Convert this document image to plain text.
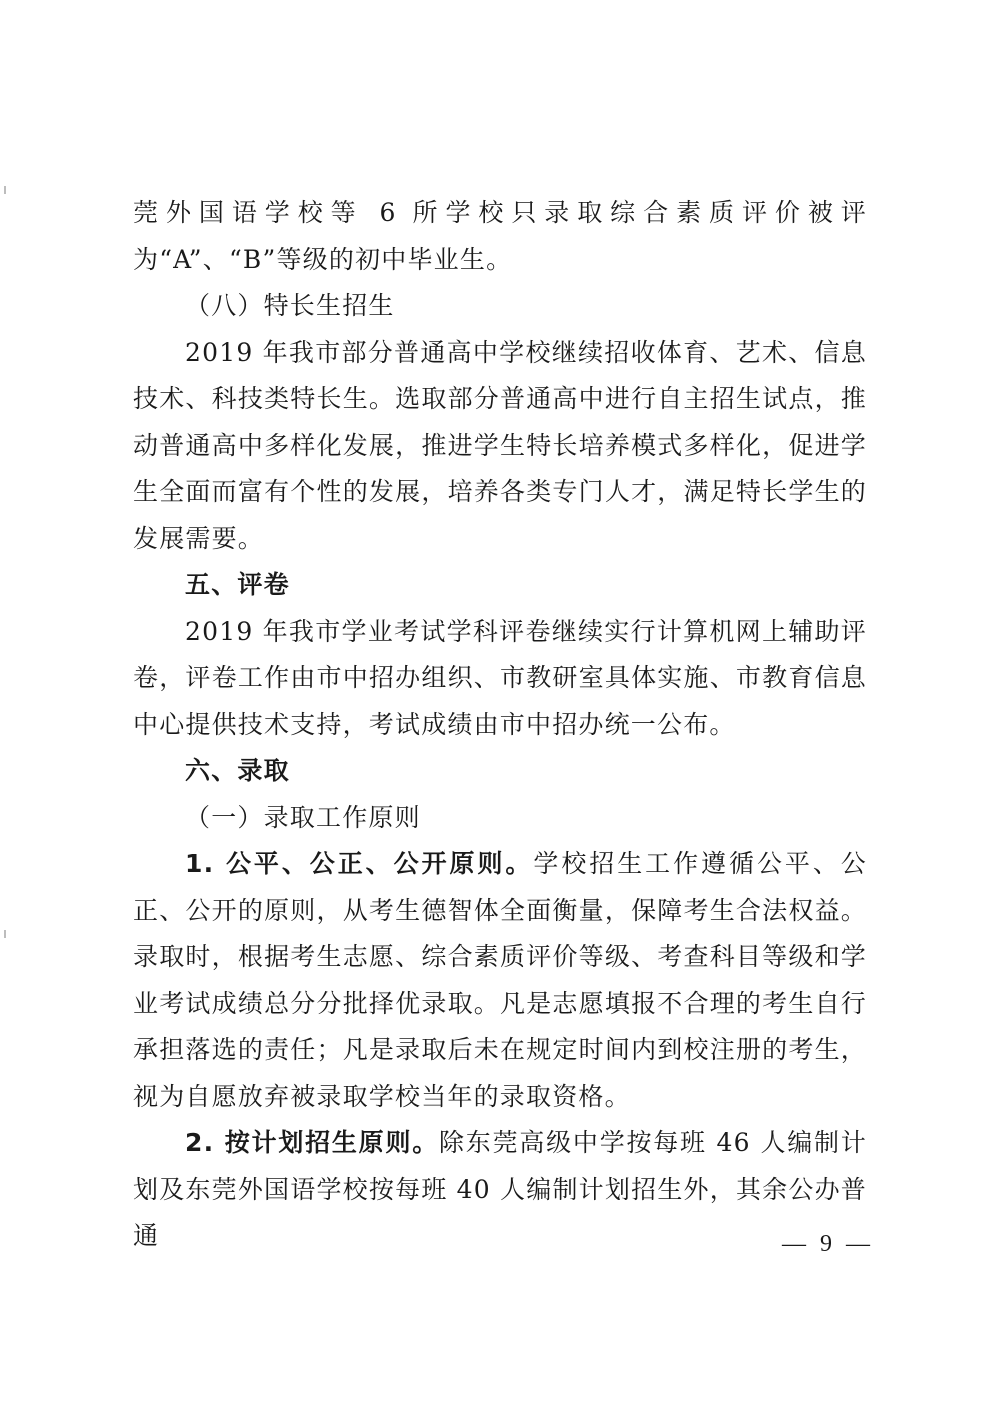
莞外国语学校等 6 所学校只录取综合素质评价被评为“A”、“B”等级的初中毕业生。

（八）特长生招生

2019 年我市部分普通高中学校继续招收体育、艺术、信息技术、科技类特长生。选取部分普通高中进行自主招生试点，推动普通高中多样化发展，推进学生特长培养模式多样化，促进学生全面而富有个性的发展，培养各类专门人才，满足特长学生的发展需要。

五、评卷

2019 年我市学业考试学科评卷继续实行计算机网上辅助评卷，评卷工作由市中招办组织、市教研室具体实施、市教育信息中心提供技术支持，考试成绩由市中招办统一公布。

六、录取

（一）录取工作原则

1. 公平、公正、公开原则。学校招生工作遵循公平、公正、公开的原则，从考生德智体全面衡量，保障考生合法权益。录取时，根据考生志愿、综合素质评价等级、考查科目等级和学业考试成绩总分分批择优录取。凡是志愿填报不合理的考生自行承担落选的责任；凡是录取后未在规定时间内到校注册的考生，视为自愿放弃被录取学校当年的录取资格。

2. 按计划招生原则。除东莞高级中学按每班 46 人编制计划及东莞外国语学校按每班 40 人编制计划招生外，其余公办普通	— 9 —
